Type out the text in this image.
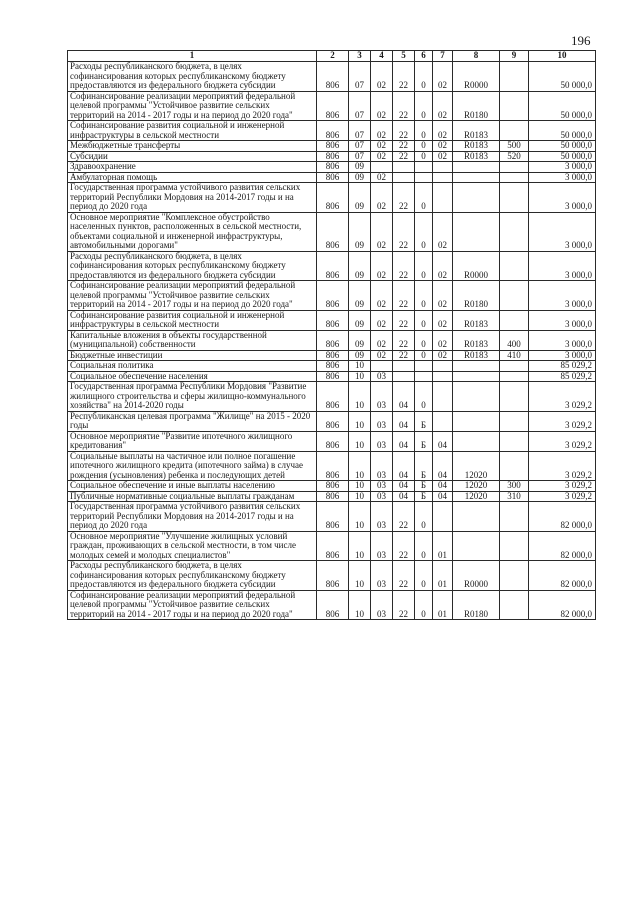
196
1	2	3	4	5	6	7	8	9	10
Расходы республиканского бюджета, в целях софинансирования которых республиканскому бюджету предоставляются из федерального бюджета субсидии	806	07	02	22	0	02	R0000		50 000,0
Софинансирование реализации мероприятий федеральной целевой программы "Устойчивое развитие сельских территорий на 2014 - 2017 годы и на период до 2020 года"	806	07	02	22	0	02	R0180		50 000,0
Софинансирование развития социальной и инженерной инфраструктуры в сельской местности	806	07	02	22	0	02	R0183		50 000,0
Межбюджетные трансферты	806	07	02	22	0	02	R0183	500	50 000,0
Субсидии	806	07	02	22	0	02	R0183	520	50 000,0
Здравоохранение	806	09							3 000,0
Амбулаторная помощь	806	09	02						3 000,0
Государственная программа устойчивого развития сельских территорий Республики Мордовия на 2014-2017 годы и на период до 2020 года	806	09	02	22	0				3 000,0
Основное мероприятие "Комплексное обустройство населенных пунктов, расположенных в сельской местности, объектами социальной и инженерной инфраструктуры, автомобильными дорогами"	806	09	02	22	0	02			3 000,0
Расходы республиканского бюджета, в целях софинансирования которых республиканскому бюджету предоставляются из федерального бюджета субсидии	806	09	02	22	0	02	R0000		3 000,0
Софинансирование реализации мероприятий федеральной целевой программы "Устойчивое развитие сельских территорий на 2014 - 2017 годы и на период до 2020 года"	806	09	02	22	0	02	R0180		3 000,0
Софинансирование развития социальной и инженерной инфраструктуры в сельской местности	806	09	02	22	0	02	R0183		3 000,0
Капитальные вложения в объекты государственной (муниципальной) собственности	806	09	02	22	0	02	R0183	400	3 000,0
Бюджетные инвестиции	806	09	02	22	0	02	R0183	410	3 000,0
Социальная политика	806	10							85 029,2
Социальное обеспечение населения	806	10	03						85 029,2
Государственная программа Республики Мордовия "Развитие жилищного строительства и сферы жилищно-коммунального хозяйства" на 2014-2020 годы	806	10	03	04	0				3 029,2
Республиканская целевая программа "Жилище" на 2015 - 2020 годы	806	10	03	04	Б				3 029,2
Основное мероприятие "Развитие ипотечного жилищного кредитования"	806	10	03	04	Б	04			3 029,2
Социальные выплаты на частичное или полное погашение ипотечного жилищного кредита (ипотечного займа) в случае рождения (усыновления) ребенка и последующих детей	806	10	03	04	Б	04	12020		3 029,2
Социальное обеспечение и иные выплаты населению	806	10	03	04	Б	04	12020	300	3 029,2
Публичные нормативные социальные выплаты гражданам	806	10	03	04	Б	04	12020	310	3 029,2
Государственная программа устойчивого развития сельских территорий Республики Мордовия на 2014-2017 годы и на период до 2020 года	806	10	03	22	0				82 000,0
Основное мероприятие "Улучшение жилищных условий граждан, проживающих в сельской местности, в том числе молодых семей и молодых специалистов"	806	10	03	22	0	01			82 000,0
Расходы республиканского бюджета, в целях софинансирования которых республиканскому бюджету предоставляются из федерального бюджета субсидии	806	10	03	22	0	01	R0000		82 000,0
Софинансирование реализации мероприятий федеральной целевой программы "Устойчивое развитие сельских территорий на 2014 - 2017 годы и на период до 2020 года"	806	10	03	22	0	01	R0180		82 000,0
